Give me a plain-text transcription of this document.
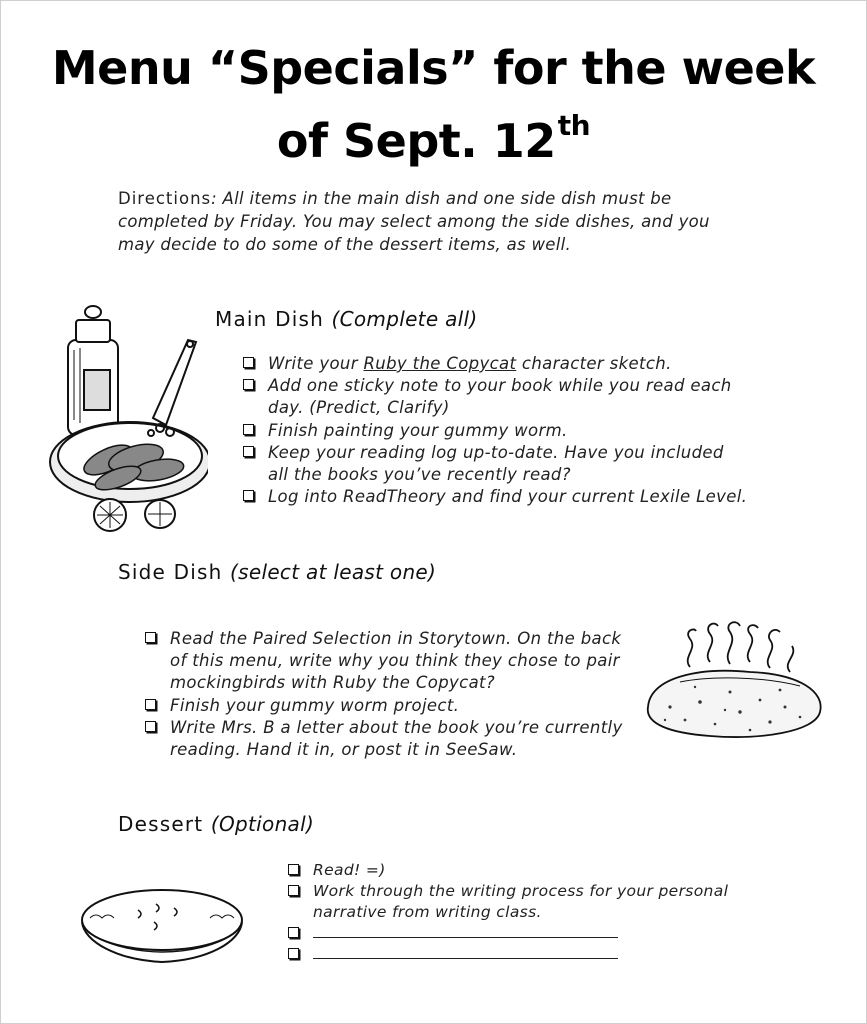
Menu “Specials” for the week
of Sept. 12th
Directions: All items in the main dish and one side dish must be
completed by Friday. You may select among the side dishes, and you
may decide to do some of the dessert items, as well.
Main Dish (Complete all)
Write your Ruby the Copycat character sketch.
Add one sticky note to your book while you read each
day. (Predict, Clarify)
Finish painting your gummy worm.
Keep your reading log up-to-date. Have you included
all the books you’ve recently read?
Log into ReadTheory and find your current Lexile Level.
Side Dish (select at least one)
Read the Paired Selection in Storytown. On the back
of this menu, write why you think they chose to pair
mockingbirds with Ruby the Copycat?
Finish your gummy worm project.
Write Mrs. B a letter about the book you’re currently
reading. Hand it in, or post it in SeeSaw.
Dessert (Optional)
Read! =)
Work through the writing process for your personal
narrative from writing class.
